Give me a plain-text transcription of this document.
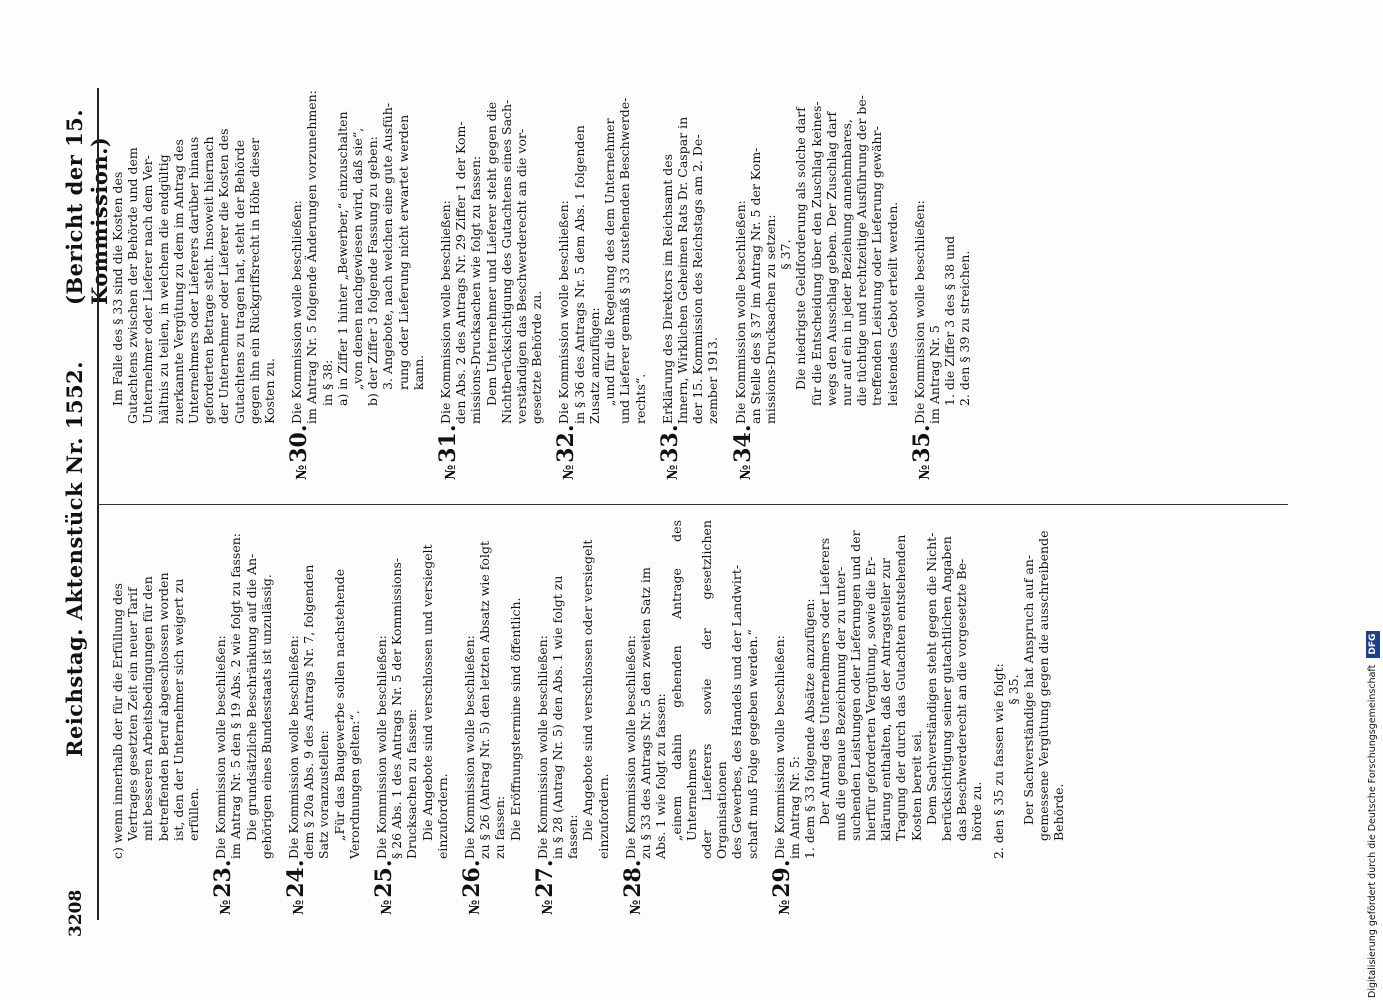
3208
Reichstag. Aktenstück Nr. 1552.
(Bericht der 15. Kommission.)
c) wenn innerhalb der für die Erfüllung des Vertrages gesetzten Zeit ein neuer Tarif mit besseren Arbeitsbedingungen für den betreffenden Beruf abgeschlossen worden ist, den der Unternehmer sich weigert zu erfüllen.
№23.
Die Kommission wolle beschließen: im Antrag Nr. 5 den § 19 Abs. 2 wie folgt zu fassen: Die grundsätzliche Beschränkung auf die An- gehörigen eines Bundesstaats ist unzulässig.
№24.
Die Kommission wolle beschließen: dem § 20a Abs. 9 des Antrags Nr. 7, folgenden Satz voranzustellen: „Für das Baugewerbe sollen nachstehende Verordnungen gelten:“.
№25.
Die Kommission wolle beschließen: § 26 Abs. 1 des Antrags Nr. 5 der Kommissions- Drucksachen zu fassen: Die Angebote sind verschlossen und versiegelt einzufordern.
№26.
Die Kommission wolle beschließen: zu § 26 (Antrag Nr. 5) den letzten Absatz wie folgt zu fassen: Die Eröffnungstermine sind öffentlich.
№27.
Die Kommission wolle beschließen: in § 28 (Antrag Nr. 5) den Abs. 1 wie folgt zu fassen: Die Angebote sind verschlossen oder versiegelt einzufordern.
№28.
Die Kommission wolle beschließen: zu § 33 des Antrags Nr. 5 den zweiten Satz im Abs. 1 wie folgt zu fassen: „einem dahin gehenden Antrage des Unternehmers oder Lieferers sowie der gesetzlichen Organisationen des Gewerbes, des Handels und der Landwirt- schaft muß Folge gegeben werden.“
№29.
Die Kommission wolle beschließen: im Antrag Nr. 5: 1. dem § 33 folgende Absätze anzufügen: Der Antrag des Unternehmers oder Lieferers muß die genaue Bezeichnung der zu unter- suchenden Leistungen oder Lieferungen und der hierfür geforderten Vergütung, sowie die Er- klärung enthalten, daß der Antragsteller zur Tragung der durch das Gutachten entstehenden Kosten bereit sei. Dem Sachverständigen steht gegen die Nicht- berücksichtigung seiner gutachtlichen Angaben das Beschwerderecht an die vorgesetzte Be- hörde zu. 2. den § 35 zu fassen wie folgt: § 35. Der Sachverständige hat Anspruch auf an- gemessene Vergütung gegen die ausschreibende Behörde.
Im Falle des § 33 sind die Kosten des Gutachtens zwischen der Behörde und dem Unternehmer oder Lieferer nach dem Ver- hältnis zu teilen, in welchem die endgültig zuerkannte Vergütung zu dem im Antrag des Unternehmers oder Lieferers darüber hinaus geforderten Betrage steht. Insoweit hiernach der Unternehmer oder Lieferer die Kosten des Gutachtens zu tragen hat, steht der Behörde gegen ihn ein Rückgriffsrecht in Höhe dieser Kosten zu.
№30.
Die Kommission wolle beschließen: im Antrag Nr. 5 folgende Änderungen vorzunehmen: in § 38: a) in Ziffer 1 hinter „Bewerber,“ einzuschalten „von denen nachgewiesen wird, daß sie“, b) der Ziffer 3 folgende Fassung zu geben: 3. Angebote, nach welchen eine gute Ausfüh- rung oder Lieferung nicht erwartet werden kann.
№31.
Die Kommission wolle beschließen: den Abs. 2 des Antrags Nr. 29 Ziffer 1 der Kom- missions-Drucksachen wie folgt zu fassen: Dem Unternehmer und Lieferer steht gegen die Nichtberücksichtigung des Gutachtens eines Sach- verständigen das Beschwerderecht an die vor- gesetzte Behörde zu.
№32.
Die Kommission wolle beschließen: in § 36 des Antrags Nr. 5 dem Abs. 1 folgenden Zusatz anzufügen: „und für die Regelung des dem Unternehmer und Lieferer gemäß § 33 zustehenden Beschwerde- rechts“.
№33.
Erklärung des Direktors im Reichsamt des Innern, Wirklichen Geheimen Rats Dr. Caspar in der 15. Kommission des Reichstags am 2. De- zember 1913.
№34.
Die Kommission wolle beschließen: an Stelle des § 37 im Antrag Nr. 5 der Kom- missions-Drucksachen zu setzen: § 37. Die niedrigste Geldforderung als solche darf für die Entscheidung über den Zuschlag keines- wegs den Ausschlag geben. Der Zuschlag darf nur auf ein in jeder Beziehung annehmbares, die tüchtige und rechtzeitige Ausführung der be- treffenden Leistung oder Lieferung gewähr- leistendes Gebot erteilt werden.
№35.
Die Kommission wolle beschließen: im Antrag Nr. 5 1. die Ziffer 3 des § 38 und 2. den § 39 zu streichen.
Digitalisierung gefördert durch die Deutsche Forschungsgemeinschaft DFG
